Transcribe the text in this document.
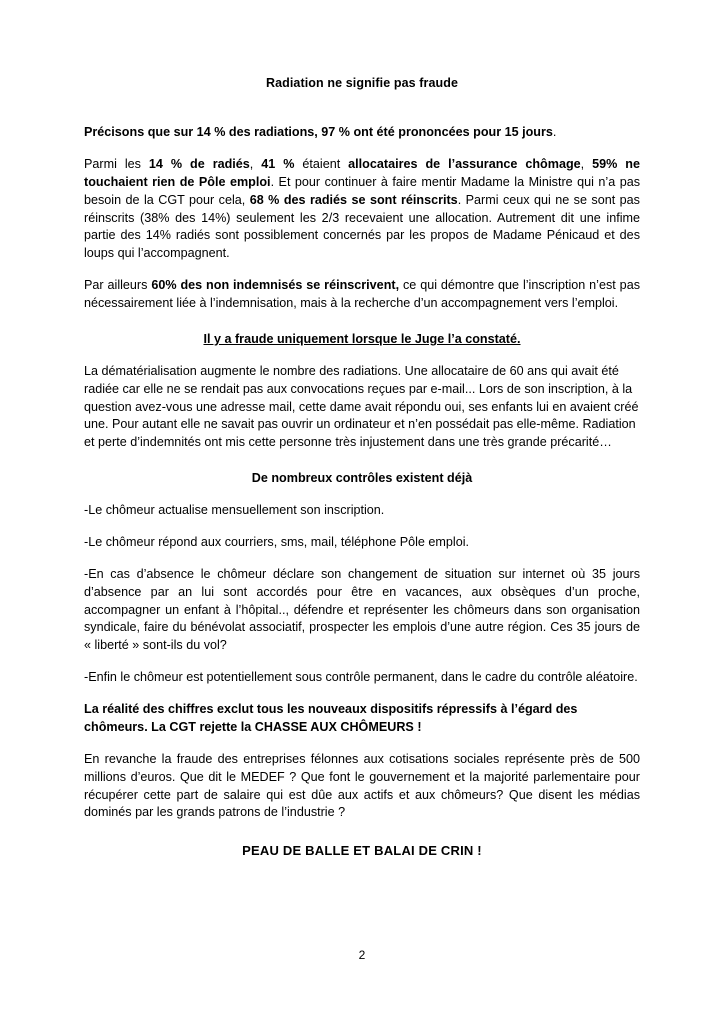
Radiation ne signifie pas fraude

Précisons que sur 14 % des radiations, 97 % ont été prononcées pour 15 jours.

Parmi les 14 % de radiés, 41 % étaient allocataires de l’assurance chômage, 59% ne touchaient rien de Pôle emploi. Et pour continuer à faire mentir Madame la Ministre qui n’a pas besoin de la CGT pour cela, 68 % des radiés se sont réinscrits. Parmi ceux qui ne se sont pas réinscrits (38% des 14%) seulement les 2/3 recevaient une allocation. Autrement dit une infime partie des 14% radiés sont possiblement concernés par les propos de Madame Pénicaud et des loups qui l’accompagnent.

Par ailleurs 60% des non indemnisés se réinscrivent, ce qui démontre que l’inscription n’est pas nécessairement liée à l’indemnisation, mais à la recherche d’un accompagnement vers l’emploi.

Il y a fraude uniquement lorsque le Juge l’a constaté.

La dématérialisation augmente le nombre des radiations. Une allocataire de 60 ans qui avait été radiée car elle ne se rendait pas aux convocations reçues par e-mail... Lors de son inscription, à la question avez-vous une adresse mail, cette dame avait répondu oui, ses enfants lui en avaient créé une. Pour autant elle ne savait pas ouvrir un ordinateur et n’en possédait pas elle-même. Radiation et perte d’indemnités ont mis cette personne très injustement dans une très grande précarité…

De nombreux contrôles existent déjà

-Le chômeur actualise mensuellement son inscription.

-Le chômeur répond aux courriers, sms, mail, téléphone Pôle emploi.

-En cas d’absence le chômeur déclare son changement de situation sur internet où 35 jours d’absence par an lui sont accordés pour être en vacances, aux obsèques d’un proche, accompagner un enfant à l’hôpital.., défendre et représenter les chômeurs dans son organisation syndicale, faire du bénévolat associatif, prospecter les emplois d’une autre région. Ces 35 jours de « liberté » sont-ils du vol?

-Enfin le chômeur est potentiellement sous contrôle permanent, dans le cadre du contrôle aléatoire.

La réalité des chiffres exclut tous les nouveaux dispositifs répressifs à l’égard des chômeurs. La CGT rejette la CHASSE AUX CHÔMEURS !

En revanche la fraude des entreprises félonnes aux cotisations sociales représente près de 500 millions d’euros. Que dit le MEDEF ? Que font le gouvernement et la majorité parlementaire pour récupérer cette part de salaire qui est dûe aux actifs et aux chômeurs? Que disent les médias dominés par les grands patrons de l’industrie ?

PEAU DE BALLE ET BALAI DE CRIN !

2
